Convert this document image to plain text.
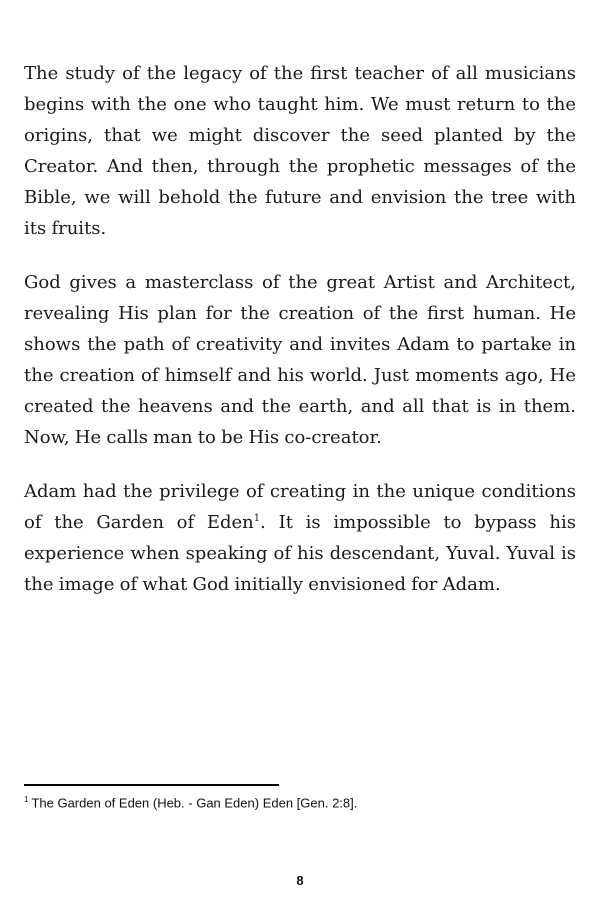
The study of the legacy of the first teacher of all musicians begins with the one who taught him. We must return to the origins, that we might discover the seed planted by the Creator. And then, through the prophetic messages of the Bible, we will behold the future and envision the tree with its fruits.

God gives a masterclass of the great Artist and Architect, revealing His plan for the creation of the first human. He shows the path of creativity and invites Adam to partake in the creation of himself and his world. Just moments ago, He created the heavens and the earth, and all that is in them. Now, He calls man to be His co-creator.

Adam had the privilege of creating in the unique conditions of the Garden of Eden$^1$. It is impossible to bypass his experience when speaking of his descendant, Yuval. Yuval is the image of what God initially envisioned for Adam.

$^1$ The Garden of Eden (Heb. - Gan Eden) Eden [Gen. 2:8].
8
